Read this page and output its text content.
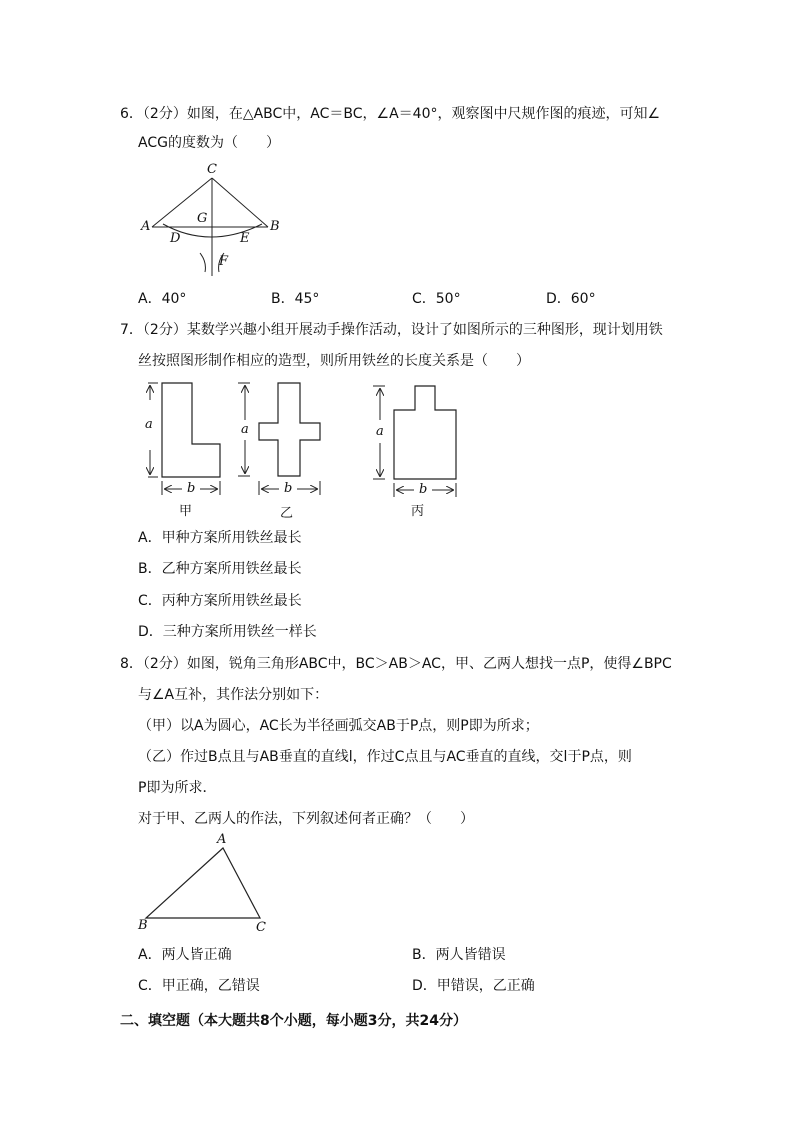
6．（2分）如图，在△ABC中，AC＝BC，∠A＝40°，观察图中尺规作图的痕迹，可知∠
ACG的度数为（　　）
C
A	B
G
D	E
F
A．40°	B．45°	C．50°	D．60°
7．（2分）某数学兴趣小组开展动手操作活动，设计了如图所示的三种图形，现计划用铁
丝按照图形制作相应的造型，则所用铁丝的长度关系是（　　）
a	a	a
b	b	b
甲	乙	丙
A．甲种方案所用铁丝最长
B．乙种方案所用铁丝最长
C．丙种方案所用铁丝最长
D．三种方案所用铁丝一样长
8．（2分）如图，锐角三角形ABC中，BC＞AB＞AC，甲、乙两人想找一点P，使得∠BPC
与∠A互补，其作法分别如下：
（甲）以A为圆心，AC长为半径画弧交AB于P点，则P即为所求；
（乙）作过B点且与AB垂直的直线l，作过C点且与AC垂直的直线，交l于P点，则
P即为所求．
对于甲、乙两人的作法，下列叙述何者正确？（　　）
A
B	C
A．两人皆正确	B．两人皆错误
C．甲正确，乙错误	D．甲错误，乙正确
二、填空题（本大题共8个小题，每小题3分，共24分）
